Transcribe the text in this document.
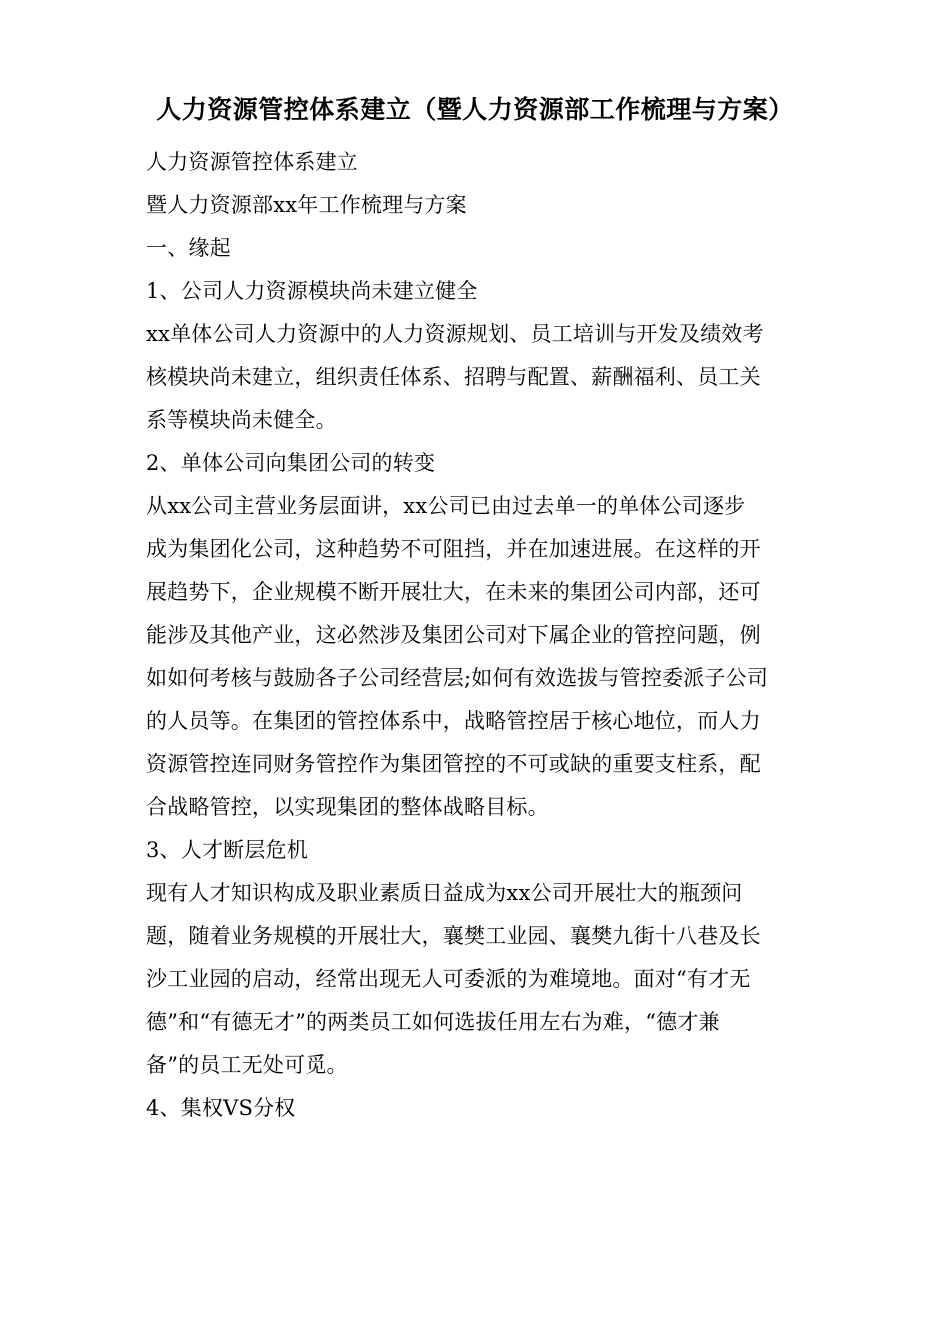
人力资源管控体系建立（暨人力资源部工作梳理与方案）
人力资源管控体系建立
暨人力资源部xx年工作梳理与方案
一、缘起
1、公司人力资源模块尚未建立健全
xx单体公司人力资源中的人力资源规划、员工培训与开发及绩效考
核模块尚未建立，组织责任体系、招聘与配置、薪酬福利、员工关
系等模块尚未健全。
2、单体公司向集团公司的转变
从xx公司主营业务层面讲，xx公司已由过去单一的单体公司逐步
成为集团化公司，这种趋势不可阻挡，并在加速进展。在这样的开
展趋势下，企业规模不断开展壮大，在未来的集团公司内部，还可
能涉及其他产业，这必然涉及集团公司对下属企业的管控问题，例
如如何考核与鼓励各子公司经营层;如何有效选拔与管控委派子公司
的人员等。在集团的管控体系中，战略管控居于核心地位，而人力
资源管控连同财务管控作为集团管控的不可或缺的重要支柱系，配
合战略管控，以实现集团的整体战略目标。
3、人才断层危机
现有人才知识构成及职业素质日益成为xx公司开展壮大的瓶颈问
题，随着业务规模的开展壮大，襄樊工业园、襄樊九街十八巷及长
沙工业园的启动，经常出现无人可委派的为难境地。面对“有才无
德”和“有德无才”的两类员工如何选拔任用左右为难，“德才兼
备”的员工无处可觅。
4、集权VS分权
